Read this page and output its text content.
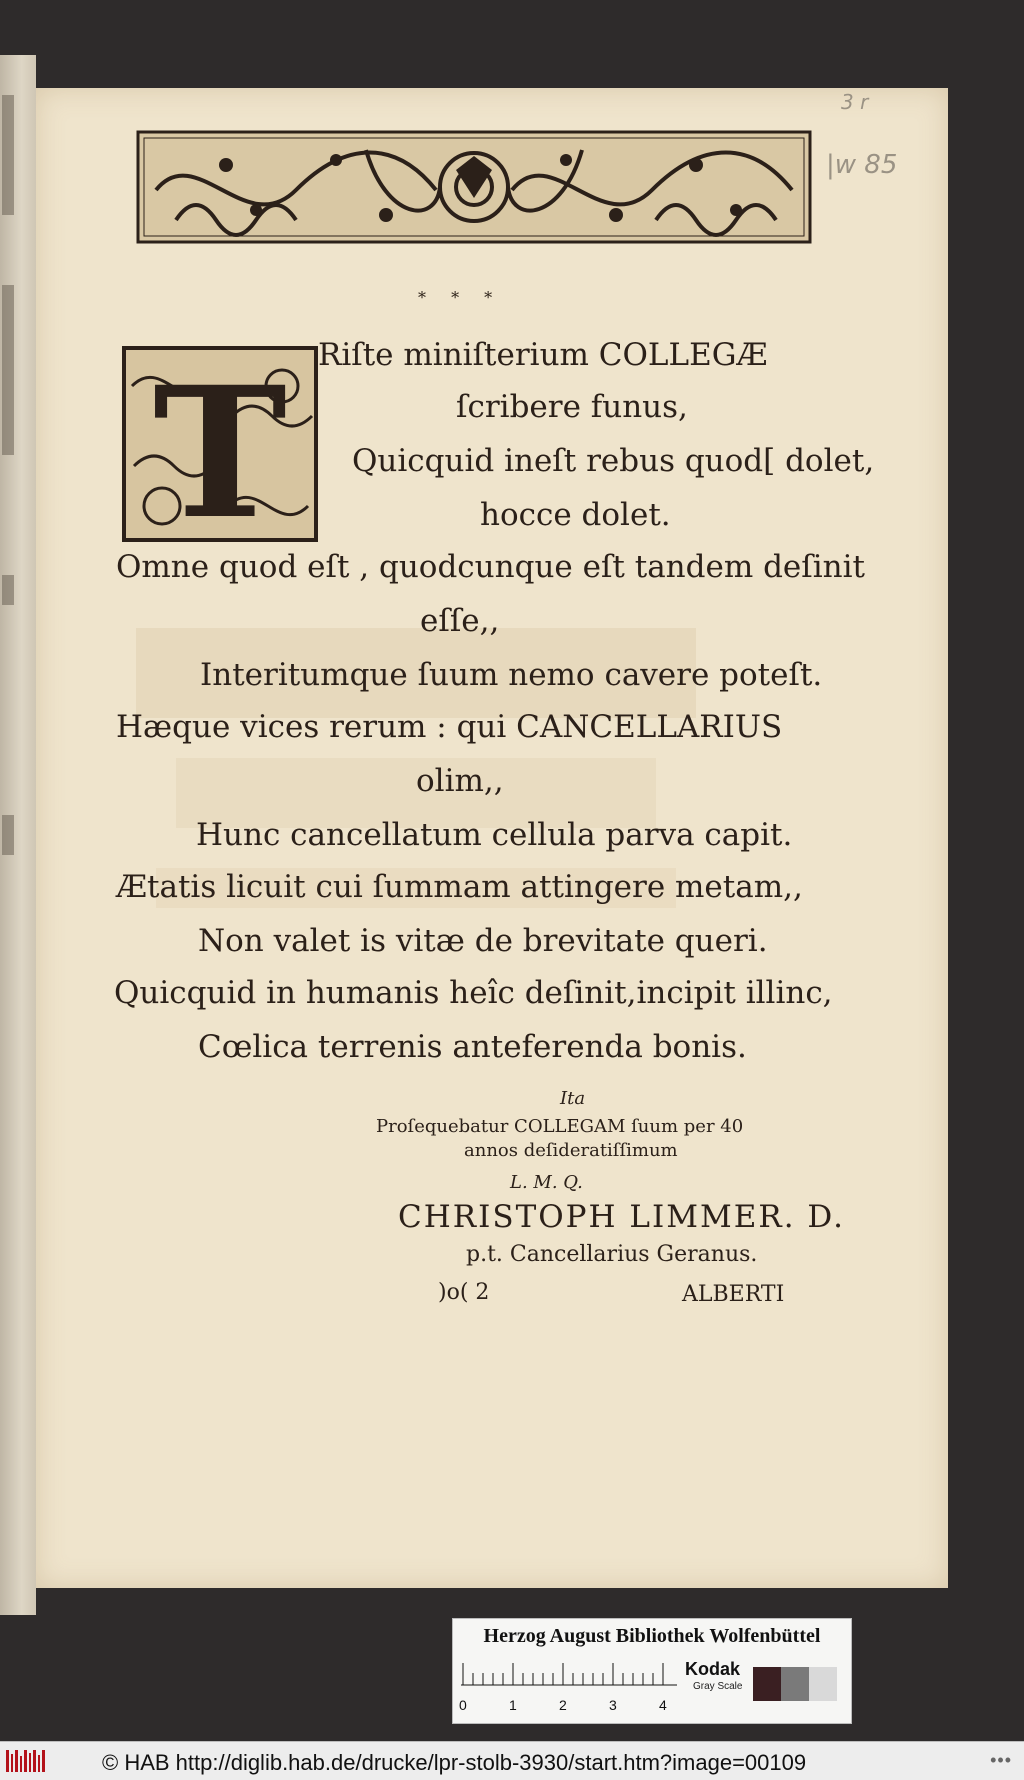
3 r
|w 85
* * *
T Riſte miniſterium COLLEGÆ
ſcribere funus,
Quicquid ineſt rebus quod[ dolet,
hocce dolet.
Omne quod eſt , quodcunque eſt tandem deſinit
eſſe,,
Interitumque ſuum nemo cavere poteſt.
Hæque vices rerum : qui CANCELLARIUS
olim,,
Hunc cancellatum cellula parva capit.
Ætatis licuit cui ſummam attingere metam,,
Non valet is vitæ de brevitate queri.
Quicquid in humanis heîc deſinit,incipit illinc,
Cœlica terrenis anteferenda bonis.
Ita
Proſequebatur COLLEGAM ſuum per 40
annos deſideratiſſimum
L. M. Q.
CHRISTOPH LIMMER. D.
p.t. Cancellarius Geranus.
)o( 2	ALBERTI
Herzog August Bibliothek Wolfenbüttel
0	1	2	3	4
Kodak
Gray Scale
© HAB http://diglib.hab.de/drucke/lpr-stolb-3930/start.htm?image=00109	•••
